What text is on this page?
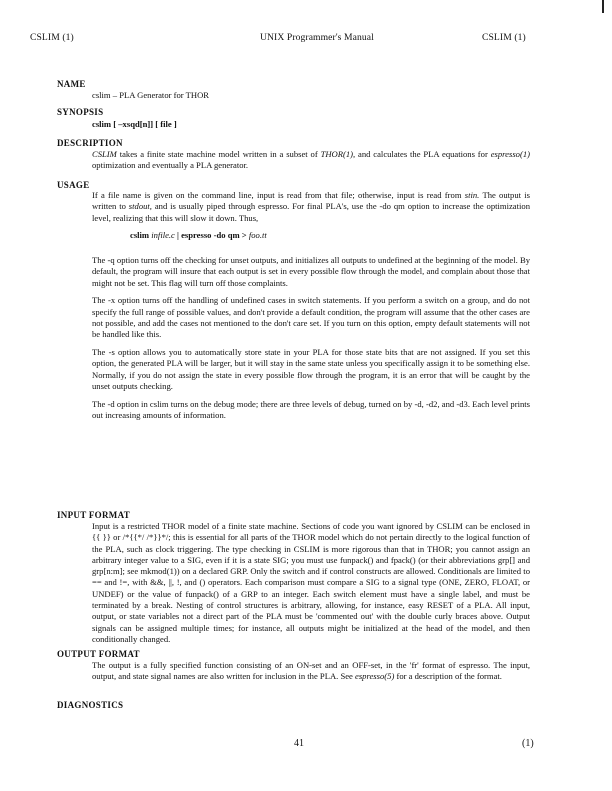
CSLIM (1)	UNIX Programmer's Manual	CSLIM (1)
NAME
cslim – PLA Generator for THOR
SYNOPSIS
cslim [ –xsqd[n]] [ file ]
DESCRIPTION
CSLIM takes a finite state machine model written in a subset of THOR(1), and calculates the PLA equations for espresso(1) optimization and eventually a PLA generator.
USAGE

If a file name is given on the command line, input is read from that file; otherwise, input is read from stin. The output is written to stdout, and is usually piped through espresso. For final PLA's, use the -do qm option to increase the optimization level, realizing that this will slow it down. Thus,
cslim infile.c | espresso -do qm > foo.tt

The -q option turns off the checking for unset outputs, and initializes all outputs to undefined at the beginning of the model. By default, the program will insure that each output is set in every possible flow through the model, and complain about those that might not be set. This flag will turn off those complaints.

The -x option turns off the handling of undefined cases in switch statements. If you perform a switch on a group, and do not specify the full range of possible values, and don't provide a default condition, the program will assume that the other cases are not possible, and add the cases not mentioned to the don't care set. If you turn on this option, empty default statements will not be handled like this.

The -s option allows you to automatically store state in your PLA for those state bits that are not assigned. If you set this option, the generated PLA will be larger, but it will stay in the same state unless you specifically assign it to be something else. Normally, if you do not assign the state in every possible flow through the program, it is an error that will be caught by the unset outputs checking.

The -d option in cslim turns on the debug mode; there are three levels of debug, turned on by -d, -d2, and -d3. Each level prints out increasing amounts of information.

INPUT FORMAT
Input is a restricted THOR model of a finite state machine. Sections of code you want ignored by CSLIM can be enclosed in {{ }} or /*{{*/ /*}}*/; this is essential for all parts of the THOR model which do not pertain directly to the logical function of the PLA, such as clock triggering. The type checking in CSLIM is more rigorous than that in THOR; you cannot assign an arbitrary integer value to a SIG, even if it is a state SIG; you must use funpack() and fpack() (or their abbreviations grp[] and grp[n:m]; see mkmod(1)) on a declared GRP. Only the switch and if control constructs are allowed. Conditionals are limited to == and !=, with &&, ||, !, and () operators. Each comparison must compare a SIG to a signal type (ONE, ZERO, FLOAT, or UNDEF) or the value of funpack() of a GRP to an integer. Each switch element must have a single label, and must be terminated by a break. Nesting of control structures is arbitrary, allowing, for instance, easy RESET of a PLA. All input, output, or state variables not a direct part of the PLA must be 'commented out' with the double curly braces above. Output signals can be assigned multiple times; for instance, all outputs might be initialized at the head of the model, and then conditionally changed.
OUTPUT FORMAT
The output is a fully specified function consisting of an ON-set and an OFF-set, in the 'fr' format of espresso. The input, output, and state signal names are also written for inclusion in the PLA. See espresso(5) for a description of the format.
DIAGNOSTICS
41	(1)
